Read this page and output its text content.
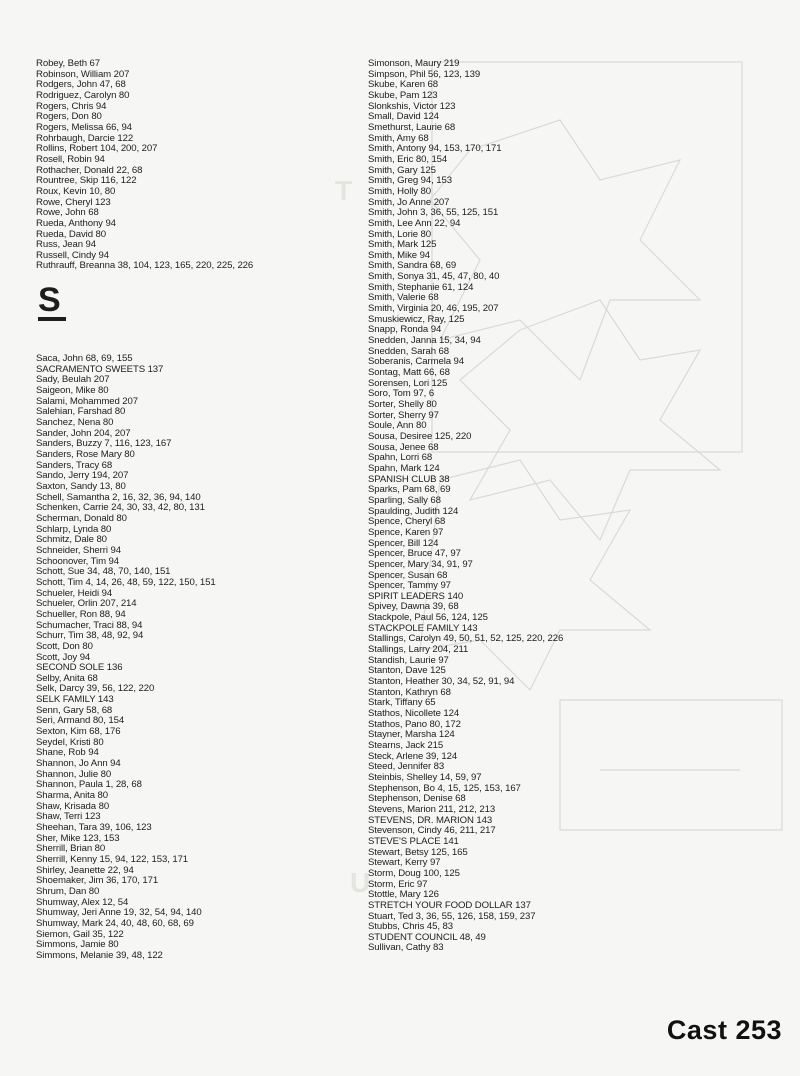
T
U
Robey, Beth 67
Robinson, William 207
Rodgers, John 47, 68
Rodriguez, Carolyn 80
Rogers, Chris 94
Rogers, Don 80
Rogers, Melissa 66, 94
Rohrbaugh, Darcie 122
Rollins, Robert 104, 200, 207
Rosell, Robin 94
Rothacher, Donald 22, 68
Rountree, Skip 116, 122
Roux, Kevin 10, 80
Rowe, Cheryl 123
Rowe, John 68
Rueda, Anthony 94
Rueda, David 80
Russ, Jean 94
Russell, Cindy 94
Ruthrauff, Breanna 38, 104, 123, 165, 220, 225, 226
S
Saca, John 68, 69, 155
SACRAMENTO SWEETS 137
Sady, Beulah 207
Saigeon, Mike 80
Salami, Mohammed 207
Salehian, Farshad 80
Sanchez, Nena 80
Sander, John 204, 207
Sanders, Buzzy 7, 116, 123, 167
Sanders, Rose Mary 80
Sanders, Tracy 68
Sando, Jerry 194, 207
Saxton, Sandy 13, 80
Schell, Samantha 2, 16, 32, 36, 94, 140
Schenken, Carrie 24, 30, 33, 42, 80, 131
Scherman, Donald 80
Schlarp, Lynda 80
Schmitz, Dale 80
Schneider, Sherri 94
Schoonover, Tim 94
Schott, Sue 34, 48, 70, 140, 151
Schott, Tim 4, 14, 26, 48, 59, 122, 150, 151
Schueler, Heidi 94
Schueler, Orlin 207, 214
Schueller, Ron 88, 94
Schumacher, Traci 88, 94
Schurr, Tim 38, 48, 92, 94
Scott, Don 80
Scott, Joy 94
SECOND SOLE 136
Selby, Anita 68
Selk, Darcy 39, 56, 122, 220
SELK FAMILY 143
Senn, Gary 58, 68
Seri, Armand 80, 154
Sexton, Kim 68, 176
Seydel, Kristi 80
Shane, Rob 94
Shannon, Jo Ann 94
Shannon, Julie 80
Shannon, Paula 1, 28, 68
Sharma, Anita 80
Shaw, Krisada 80
Shaw, Terri 123
Sheehan, Tara 39, 106, 123
Sher, Mike 123, 153
Sherrill, Brian 80
Sherrill, Kenny 15, 94, 122, 153, 171
Shirley, Jeanette 22, 94
Shoemaker, Jim 36, 170, 171
Shrum, Dan 80
Shumway, Alex 12, 54
Shumway, Jeri Anne 19, 32, 54, 94, 140
Shumway, Mark 24, 40, 48, 60, 68, 69
Siemon, Gail 35, 122
Simmons, Jamie 80
Simmons, Melanie 39, 48, 122
Simonson, Maury 219
Simpson, Phil 56, 123, 139
Skube, Karen 68
Skube, Pam 123
Slonkshis, Victor 123
Small, David 124
Smethurst, Laurie 68
Smith, Amy 68
Smith, Antony 94, 153, 170, 171
Smith, Eric 80, 154
Smith, Gary 125
Smith, Greg 94, 153
Smith, Holly 80
Smith, Jo Anne 207
Smith, John 3, 36, 55, 125, 151
Smith, Lee Ann 22, 94
Smith, Lorie 80
Smith, Mark 125
Smith, Mike 94
Smith, Sandra 68, 69
Smith, Sonya 31, 45, 47, 80, 40
Smith, Stephanie 61, 124
Smith, Valerie 68
Smith, Virginia 20, 46, 195, 207
Smuskiewicz, Ray, 125
Snapp, Ronda 94
Snedden, Janna 15, 34, 94
Snedden, Sarah 68
Soberanis, Carmela 94
Sontag, Matt 66, 68
Sorensen, Lori 125
Soro, Tom 97, 6
Sorter, Shelly 80
Sorter, Sherry 97
Soule, Ann 80
Sousa, Desiree 125, 220
Sousa, Jenee 68
Spahn, Lorri 68
Spahn, Mark 124
SPANISH CLUB 38
Sparks, Pam 68, 69
Sparling, Sally 68
Spaulding, Judith 124
Spence, Cheryl 68
Spence, Karen 97
Spencer, Bill 124
Spencer, Bruce 47, 97
Spencer, Mary 34, 91, 97
Spencer, Susan 68
Spencer, Tammy 97
SPIRIT LEADERS 140
Spivey, Dawna 39, 68
Stackpole, Paul 56, 124, 125
STACKPOLE FAMILY 143
Stallings, Carolyn 49, 50, 51, 52, 125, 220, 226
Stallings, Larry 204, 211
Standish, Laurie 97
Stanton, Dave 125
Stanton, Heather 30, 34, 52, 91, 94
Stanton, Kathryn 68
Stark, Tiffany 65
Stathos, Nicollete 124
Stathos, Pano 80, 172
Stayner, Marsha 124
Stearns, Jack 215
Steck, Arlene 39, 124
Steed, Jennifer 83
Steinbis, Shelley 14, 59, 97
Stephenson, Bo 4, 15, 125, 153, 167
Stephenson, Denise 68
Stevens, Marion 211, 212, 213
STEVENS, DR. MARION 143
Stevenson, Cindy 46, 211, 217
STEVE'S PLACE 141
Stewart, Betsy 125, 165
Stewart, Kerry 97
Storm, Doug 100, 125
Storm, Eric 97
Stottle, Mary 126
STRETCH YOUR FOOD DOLLAR 137
Stuart, Ted 3, 36, 55, 126, 158, 159, 237
Stubbs, Chris 45, 83
STUDENT COUNCIL 48, 49
Sullivan, Cathy 83
Cast 253
